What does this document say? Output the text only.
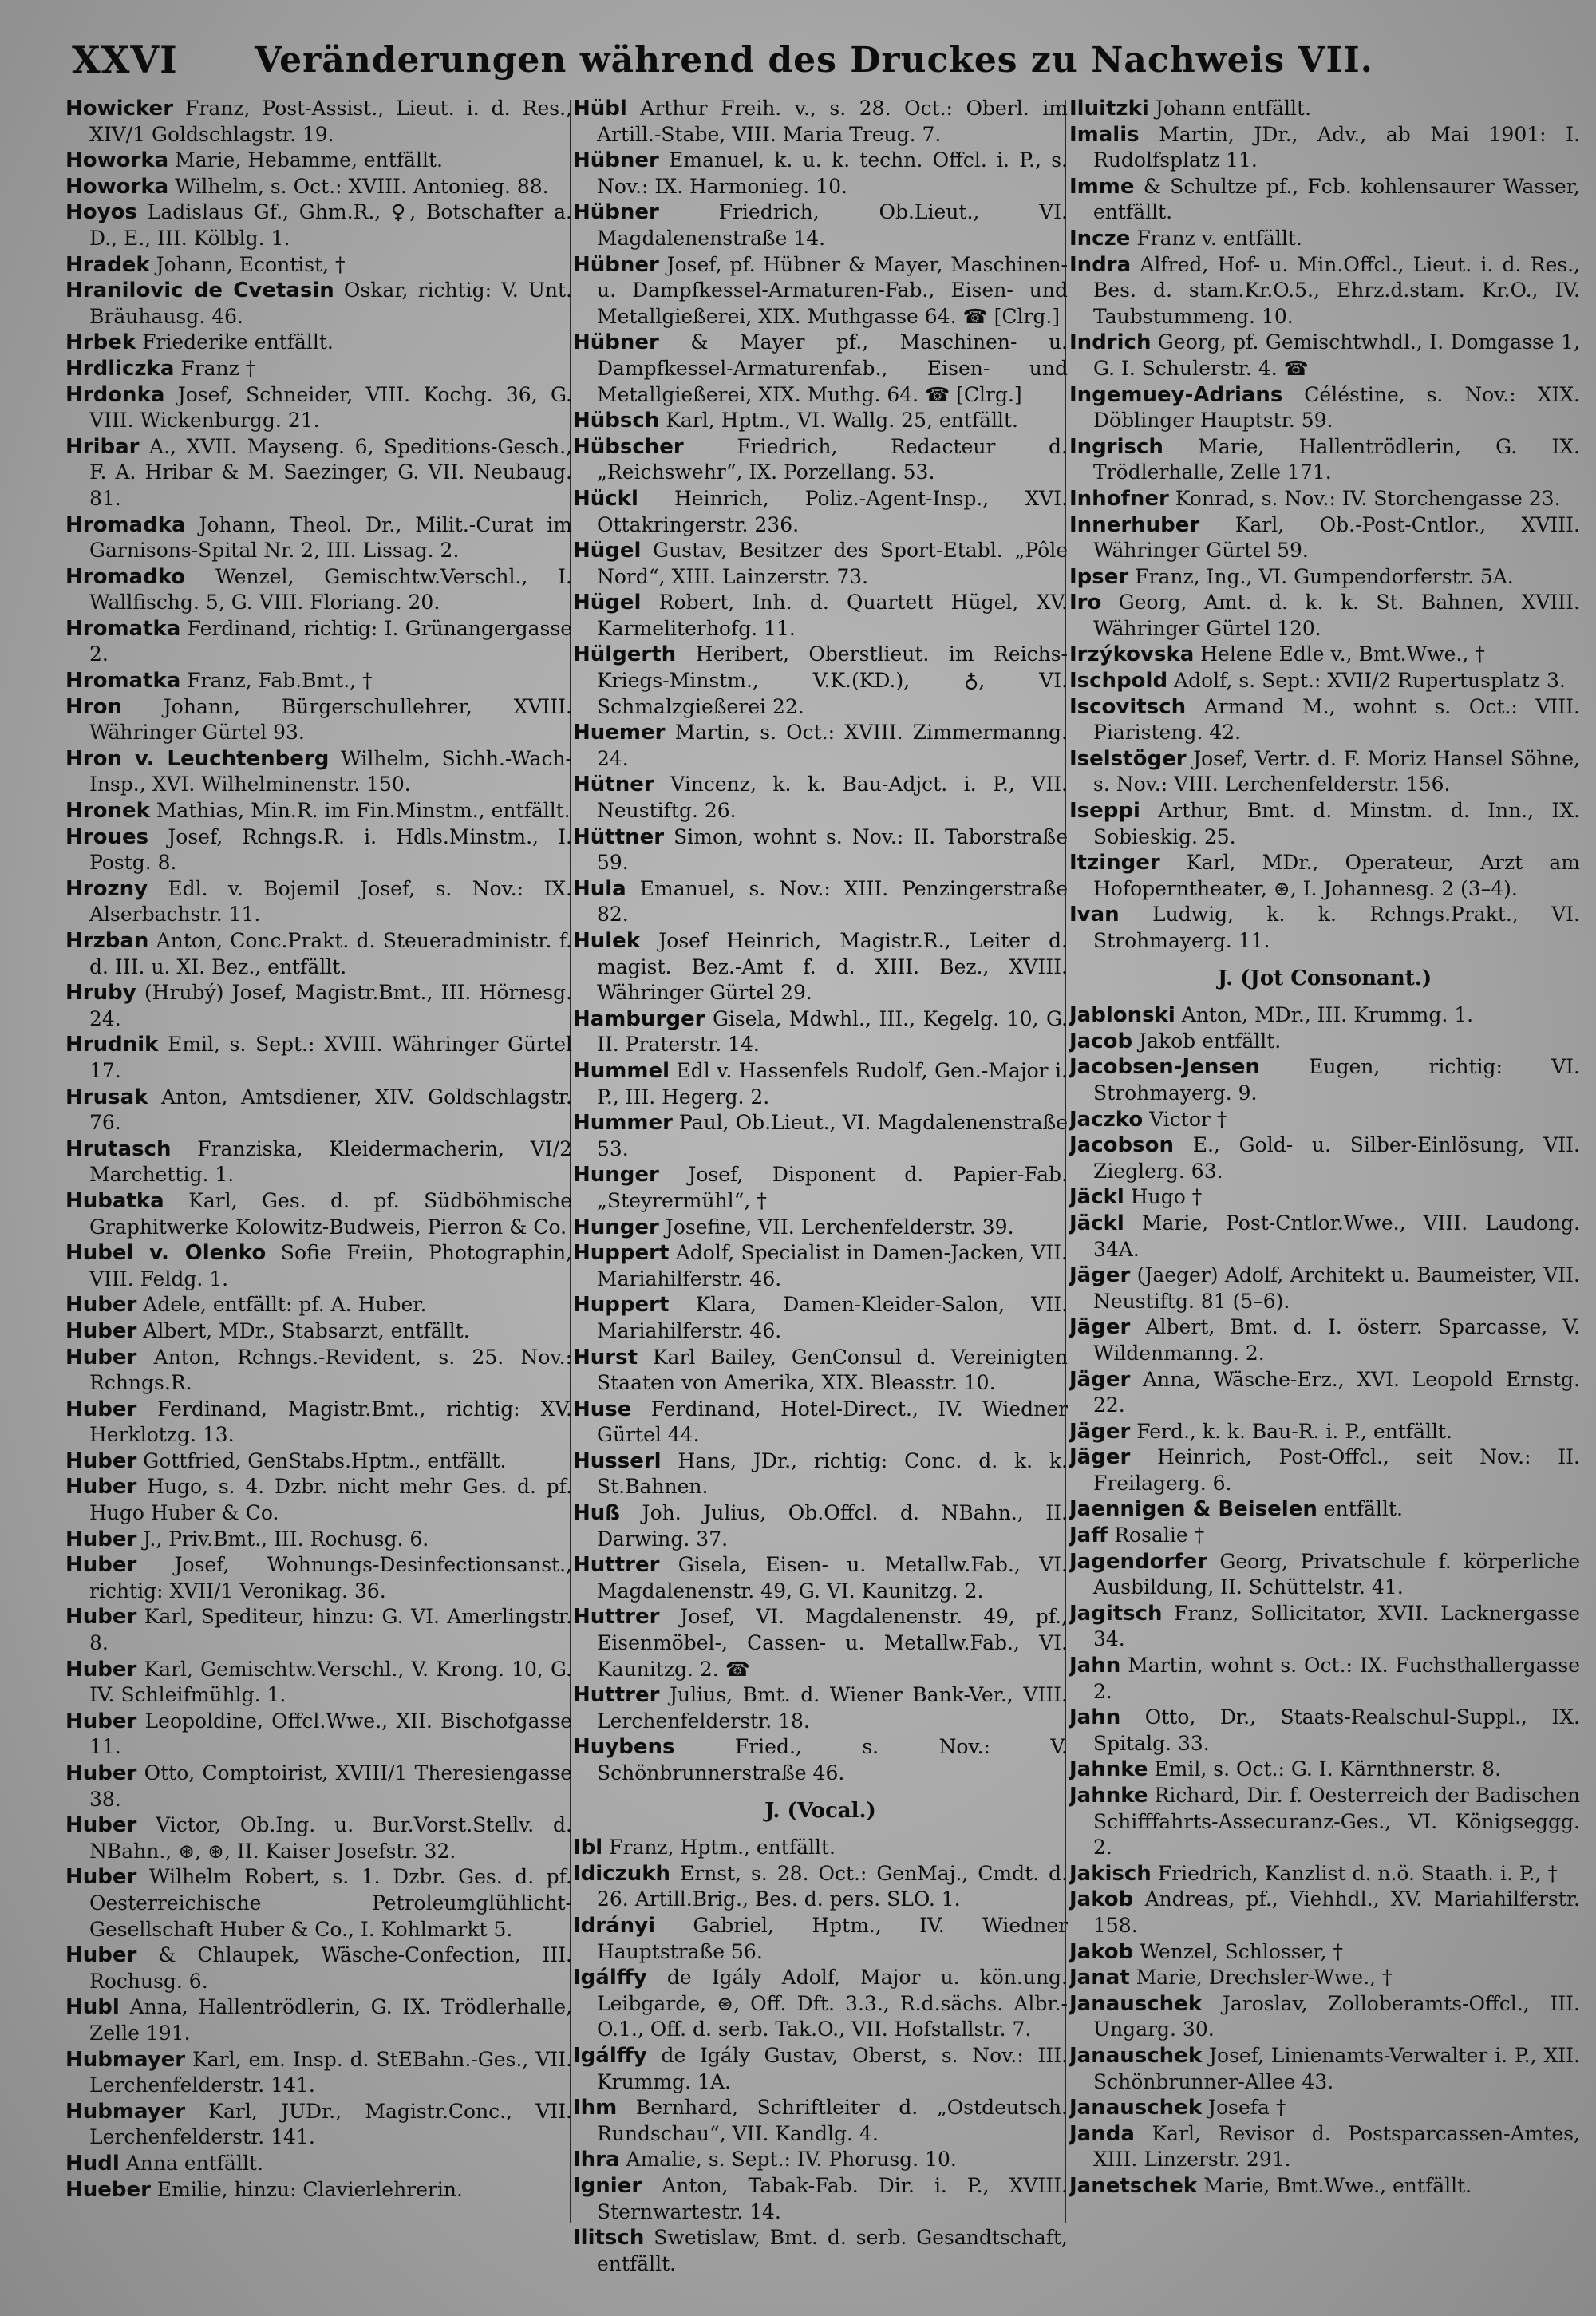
XXVI	Veränderungen während des Druckes zu Nachweis VII.

Howicker Franz, Post-Assist., Lieut. i. d. Res., XIV/1 Goldschlagstr. 19.

Howorka Marie, Hebamme, entfällt.

Howorka Wilhelm, s. Oct.: XVIII. Antonieg. 88.

Hoyos Ladislaus Gf., Ghm.R., ♀, Botschafter a. D., E., III. Kölblg. 1.

Hradek Johann, Econtist, †

Hranilovic de Cvetasin Oskar, richtig: V. Unt. Bräuhausg. 46.

Hrbek Friederike entfällt.

Hrdliczka Franz †

Hrdonka Josef, Schneider, VIII. Kochg. 36, G. VIII. Wickenburgg. 21.

Hribar A., XVII. Mayseng. 6, Speditions-Gesch., F. A. Hribar & M. Saezinger, G. VII. Neubaug. 81.

Hromadka Johann, Theol. Dr., Milit.-Curat im Garnisons-Spital Nr. 2, III. Lissag. 2.

Hromadko Wenzel, Gemischtw.Verschl., I. Wallfischg. 5, G. VIII. Floriang. 20.

Hromatka Ferdinand, richtig: I. Grünangergasse 2.

Hromatka Franz, Fab.Bmt., †

Hron Johann, Bürgerschullehrer, XVIII. Währinger Gürtel 93.

Hron v. Leuchtenberg Wilhelm, Sichh.-Wach-Insp., XVI. Wilhelminenstr. 150.

Hronek Mathias, Min.R. im Fin.Minstm., entfällt.

Hroues Josef, Rchngs.R. i. Hdls.Minstm., I. Postg. 8.

Hrozny Edl. v. Bojemil Josef, s. Nov.: IX. Alserbachstr. 11.

Hrzban Anton, Conc.Prakt. d. Steueradministr. f. d. III. u. XI. Bez., entfällt.

Hruby (Hrubý) Josef, Magistr.Bmt., III. Hörnesg. 24.

Hrudnik Emil, s. Sept.: XVIII. Währinger Gürtel 17.

Hrusak Anton, Amtsdiener, XIV. Goldschlagstr. 76.

Hrutasch Franziska, Kleidermacherin, VI/2 Marchettig. 1.

Hubatka Karl, Ges. d. pf. Südböhmische Graphitwerke Kolowitz-Budweis, Pierron & Co.

Hubel v. Olenko Sofie Freiin, Photographin, VIII. Feldg. 1.

Huber Adele, entfällt: pf. A. Huber.

Huber Albert, MDr., Stabsarzt, entfällt.

Huber Anton, Rchngs.-Revident, s. 25. Nov.: Rchngs.R.

Huber Ferdinand, Magistr.Bmt., richtig: XV. Herklotzg. 13.

Huber Gottfried, GenStabs.Hptm., entfällt.

Huber Hugo, s. 4. Dzbr. nicht mehr Ges. d. pf. Hugo Huber & Co.

Huber J., Priv.Bmt., III. Rochusg. 6.

Huber Josef, Wohnungs-Desinfectionsanst., richtig: XVII/1 Veronikag. 36.

Huber Karl, Spediteur, hinzu: G. VI. Amerlingstr. 8.

Huber Karl, Gemischtw.Verschl., V. Krong. 10, G. IV. Schleifmühlg. 1.

Huber Leopoldine, Offcl.Wwe., XII. Bischofgasse 11.

Huber Otto, Comptoirist, XVIII/1 Theresiengasse 38.

Huber Victor, Ob.Ing. u. Bur.Vorst.Stellv. d. NBahn., ⊛, ⊛, II. Kaiser Josefstr. 32.

Huber Wilhelm Robert, s. 1. Dzbr. Ges. d. pf. Oesterreichische Petroleumglühlicht-Gesellschaft Huber & Co., I. Kohlmarkt 5.

Huber & Chlaupek, Wäsche-Confection, III. Rochusg. 6.

Hubl Anna, Hallentrödlerin, G. IX. Trödlerhalle, Zelle 191.

Hubmayer Karl, em. Insp. d. StEBahn.-Ges., VII. Lerchenfelderstr. 141.

Hubmayer Karl, JUDr., Magistr.Conc., VII. Lerchenfelderstr. 141.

Hudl Anna entfällt.

Hueber Emilie, hinzu: Clavierlehrerin.

Hübl Arthur Freih. v., s. 28. Oct.: Oberl. im Artill.-Stabe, VIII. Maria Treug. 7.

Hübner Emanuel, k. u. k. techn. Offcl. i. P., s. Nov.: IX. Harmonieg. 10.

Hübner Friedrich, Ob.Lieut., VI. Magdalenenstraße 14.

Hübner Josef, pf. Hübner & Mayer, Maschinen- u. Dampfkessel-Armaturen-Fab., Eisen- und Metallgießerei, XIX. Muthgasse 64. ☎ [Clrg.]

Hübner & Mayer pf., Maschinen- u. Dampfkessel-Armaturenfab., Eisen- und Metallgießerei, XIX. Muthg. 64. ☎ [Clrg.]

Hübsch Karl, Hptm., VI. Wallg. 25, entfällt.

Hübscher Friedrich, Redacteur d. „Reichswehr“, IX. Porzellang. 53.

Hückl Heinrich, Poliz.-Agent-Insp., XVI. Ottakringerstr. 236.

Hügel Gustav, Besitzer des Sport-Etabl. „Pôle Nord“, XIII. Lainzerstr. 73.

Hügel Robert, Inh. d. Quartett Hügel, XV. Karmeliterhofg. 11.

Hülgerth Heribert, Oberstlieut. im Reichs-Kriegs-Minstm., V.K.(KD.), ♁, VI. Schmalzgießerei 22.

Huemer Martin, s. Oct.: XVIII. Zimmermanng. 24.

Hütner Vincenz, k. k. Bau-Adjct. i. P., VII. Neustiftg. 26.

Hüttner Simon, wohnt s. Nov.: II. Taborstraße 59.

Hula Emanuel, s. Nov.: XIII. Penzingerstraße 82.

Hulek Josef Heinrich, Magistr.R., Leiter d. magist. Bez.-Amt f. d. XIII. Bez., XVIII. Währinger Gürtel 29.

Hamburger Gisela, Mdwhl., III., Kegelg. 10, G. II. Praterstr. 14.

Hummel Edl v. Hassenfels Rudolf, Gen.-Major i. P., III. Hegerg. 2.

Hummer Paul, Ob.Lieut., VI. Magdalenenstraße 53.

Hunger Josef, Disponent d. Papier-Fab. „Steyrermühl“, †

Hunger Josefine, VII. Lerchenfelderstr. 39.

Huppert Adolf, Specialist in Damen-Jacken, VII. Mariahilferstr. 46.

Huppert Klara, Damen-Kleider-Salon, VII. Mariahilferstr. 46.

Hurst Karl Bailey, GenConsul d. Vereinigten Staaten von Amerika, XIX. Bleasstr. 10.

Huse Ferdinand, Hotel-Direct., IV. Wiedner Gürtel 44.

Husserl Hans, JDr., richtig: Conc. d. k. k. St.Bahnen.

Huß Joh. Julius, Ob.Offcl. d. NBahn., II. Darwing. 37.

Huttrer Gisela, Eisen- u. Metallw.Fab., VI. Magdalenenstr. 49, G. VI. Kaunitzg. 2.

Huttrer Josef, VI. Magdalenenstr. 49, pf., Eisenmöbel-, Cassen- u. Metallw.Fab., VI. Kaunitzg. 2. ☎

Huttrer Julius, Bmt. d. Wiener Bank-Ver., VIII. Lerchenfelderstr. 18.

Huybens Fried., s. Nov.: V. Schönbrunnerstraße 46.

J. (Vocal.)

Ibl Franz, Hptm., entfällt.

Idiczukh Ernst, s. 28. Oct.: GenMaj., Cmdt. d. 26. Artill.Brig., Bes. d. pers. SLO. 1.

Idrányi Gabriel, Hptm., IV. Wiedner Hauptstraße 56.

Igálffy de Igály Adolf, Major u. kön.ung. Leibgarde, ⊛, Off. Dft. 3.3., R.d.sächs. Albr.-O.1., Off. d. serb. Tak.O., VII. Hofstallstr. 7.

Igálffy de Igály Gustav, Oberst, s. Nov.: III. Krummg. 1A.

Ihm Bernhard, Schriftleiter d. „Ostdeutsch. Rundschau“, VII. Kandlg. 4.

Ihra Amalie, s. Sept.: IV. Phorusg. 10.

Ignier Anton, Tabak-Fab. Dir. i. P., XVIII. Sternwartestr. 14.

Ilitsch Swetislaw, Bmt. d. serb. Gesandtschaft, entfällt.

Iluitzki Johann entfällt.

Imalis Martin, JDr., Adv., ab Mai 1901: I. Rudolfsplatz 11.

Imme & Schultze pf., Fcb. kohlensaurer Wasser, entfällt.

Incze Franz v. entfällt.

Indra Alfred, Hof- u. Min.Offcl., Lieut. i. d. Res., Bes. d. stam.Kr.O.5., Ehrz.d.stam. Kr.O., IV. Taubstummeng. 10.

Indrich Georg, pf. Gemischtwhdl., I. Domgasse 1, G. I. Schulerstr. 4. ☎

Ingemuey-Adrians Céléstine, s. Nov.: XIX. Döblinger Hauptstr. 59.

Ingrisch Marie, Hallentrödlerin, G. IX. Trödlerhalle, Zelle 171.

Inhofner Konrad, s. Nov.: IV. Storchengasse 23.

Innerhuber Karl, Ob.-Post-Cntlor., XVIII. Währinger Gürtel 59.

Ipser Franz, Ing., VI. Gumpendorferstr. 5A.

Iro Georg, Amt. d. k. k. St. Bahnen, XVIII. Währinger Gürtel 120.

Irzýkovska Helene Edle v., Bmt.Wwe., †

Ischpold Adolf, s. Sept.: XVII/2 Rupertusplatz 3.

Iscovitsch Armand M., wohnt s. Oct.: VIII. Piaristeng. 42.

Iselstöger Josef, Vertr. d. F. Moriz Hansel Söhne, s. Nov.: VIII. Lerchenfelderstr. 156.

Iseppi Arthur, Bmt. d. Minstm. d. Inn., IX. Sobieskig. 25.

Itzinger Karl, MDr., Operateur, Arzt am Hofoperntheater, ⊛, I. Johannesg. 2 (3–4).

Ivan Ludwig, k. k. Rchngs.Prakt., VI. Strohmayerg. 11.

J. (Jot Consonant.)

Jablonski Anton, MDr., III. Krummg. 1.

Jacob Jakob entfällt.

Jacobsen-Jensen Eugen, richtig: VI. Strohmayerg. 9.

Jaczko Victor †

Jacobson E., Gold- u. Silber-Einlösung, VII. Zieglerg. 63.

Jäckl Hugo †

Jäckl Marie, Post-Cntlor.Wwe., VIII. Laudong. 34A.

Jäger (Jaeger) Adolf, Architekt u. Baumeister, VII. Neustiftg. 81 (5–6).

Jäger Albert, Bmt. d. I. österr. Sparcasse, V. Wildenmanng. 2.

Jäger Anna, Wäsche-Erz., XVI. Leopold Ernstg. 22.

Jäger Ferd., k. k. Bau-R. i. P., entfällt.

Jäger Heinrich, Post-Offcl., seit Nov.: II. Freilagerg. 6.

Jaennigen & Beiselen entfällt.

Jaff Rosalie †

Jagendorfer Georg, Privatschule f. körperliche Ausbildung, II. Schüttelstr. 41.

Jagitsch Franz, Sollicitator, XVII. Lacknergasse 34.

Jahn Martin, wohnt s. Oct.: IX. Fuchsthallergasse 2.

Jahn Otto, Dr., Staats-Realschul-Suppl., IX. Spitalg. 33.

Jahnke Emil, s. Oct.: G. I. Kärnthnerstr. 8.

Jahnke Richard, Dir. f. Oesterreich der Badischen Schifffahrts-Assecuranz-Ges., VI. Königseggg. 2.

Jakisch Friedrich, Kanzlist d. n.ö. Staath. i. P., †

Jakob Andreas, pf., Viehhdl., XV. Mariahilferstr. 158.

Jakob Wenzel, Schlosser, †

Janat Marie, Drechsler-Wwe., †

Janauschek Jaroslav, Zolloberamts-Offcl., III. Ungarg. 30.

Janauschek Josef, Linienamts-Verwalter i. P., XII. Schönbrunner-Allee 43.

Janauschek Josefa †

Janda Karl, Revisor d. Postsparcassen-Amtes, XIII. Linzerstr. 291.

Janetschek Marie, Bmt.Wwe., entfällt.
